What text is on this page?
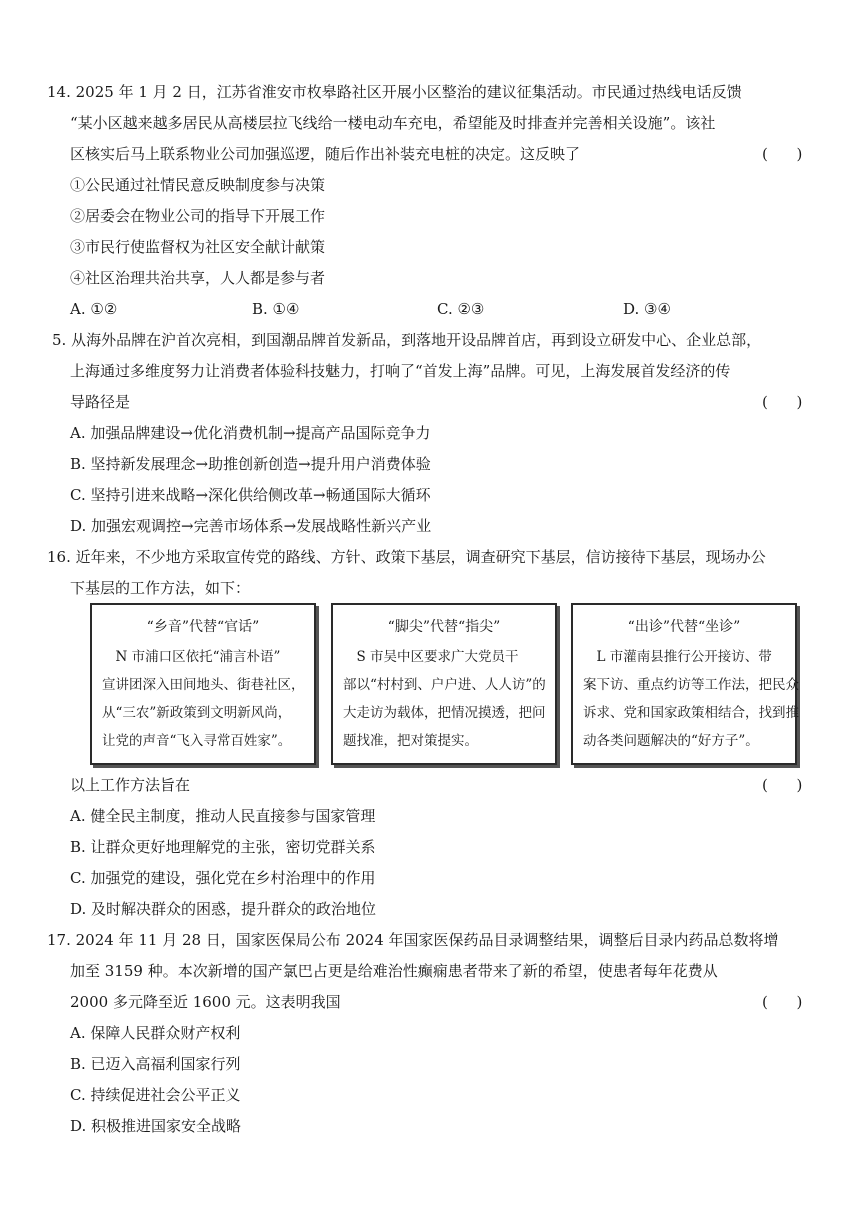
14. 2025 年 1 月 2 日，江苏省淮安市枚皋路社区开展小区整治的建议征集活动。市民通过热线电话反馈
“某小区越来越多居民从高楼层拉飞线给一楼电动车充电，希望能及时排查并完善相关设施”。该社
区核实后马上联系物业公司加强巡逻，随后作出补装充电桩的决定。这反映了	(      )
①公民通过社情民意反映制度参与决策
②居委会在物业公司的指导下开展工作
③市民行使监督权为社区安全献计献策
④社区治理共治共享，人人都是参与者
A. ①②	B. ①④	C. ②③	D. ③④
5. 从海外品牌在沪首次亮相，到国潮品牌首发新品，到落地开设品牌首店，再到设立研发中心、企业总部，
上海通过多维度努力让消费者体验科技魅力，打响了“首发上海”品牌。可见，上海发展首发经济的传
导路径是	(      )
A. 加强品牌建设→优化消费机制→提高产品国际竞争力
B. 坚持新发展理念→助推创新创造→提升用户消费体验
C. 坚持引进来战略→深化供给侧改革→畅通国际大循环
D. 加强宏观调控→完善市场体系→发展战略性新兴产业
16. 近年来，不少地方采取宣传党的路线、方针、政策下基层，调查研究下基层，信访接待下基层，现场办公
下基层的工作方法，如下：
“乡音”代替“官话”

　N 市浦口区依托“浦言朴语”

宣讲团深入田间地头、街巷社区，

从“三农”新政策到文明新风尚，

让党的声音“飞入寻常百姓家”。

“脚尖”代替“指尖”

　S 市吴中区要求广大党员干

部以“村村到、户户进、人人访”的

大走访为载体，把情况摸透，把问

题找准，把对策提实。

“出诊”代替“坐诊”

　L 市灌南县推行公开接访、带

案下访、重点约访等工作法，把民众

诉求、党和国家政策相结合，找到推

动各类问题解决的“好方子”。

以上工作方法旨在	(      )
A. 健全民主制度，推动人民直接参与国家管理
B. 让群众更好地理解党的主张，密切党群关系
C. 加强党的建设，强化党在乡村治理中的作用
D. 及时解决群众的困惑，提升群众的政治地位
17. 2024 年 11 月 28 日，国家医保局公布 2024 年国家医保药品目录调整结果，调整后目录内药品总数将增
加至 3159 种。本次新增的国产氯巴占更是给难治性癫痫患者带来了新的希望，使患者每年花费从
2000 多元降至近 1600 元。这表明我国	(      )
A. 保障人民群众财产权利
B. 已迈入高福利国家行列
C. 持续促进社会公平正义
D. 积极推进国家安全战略
